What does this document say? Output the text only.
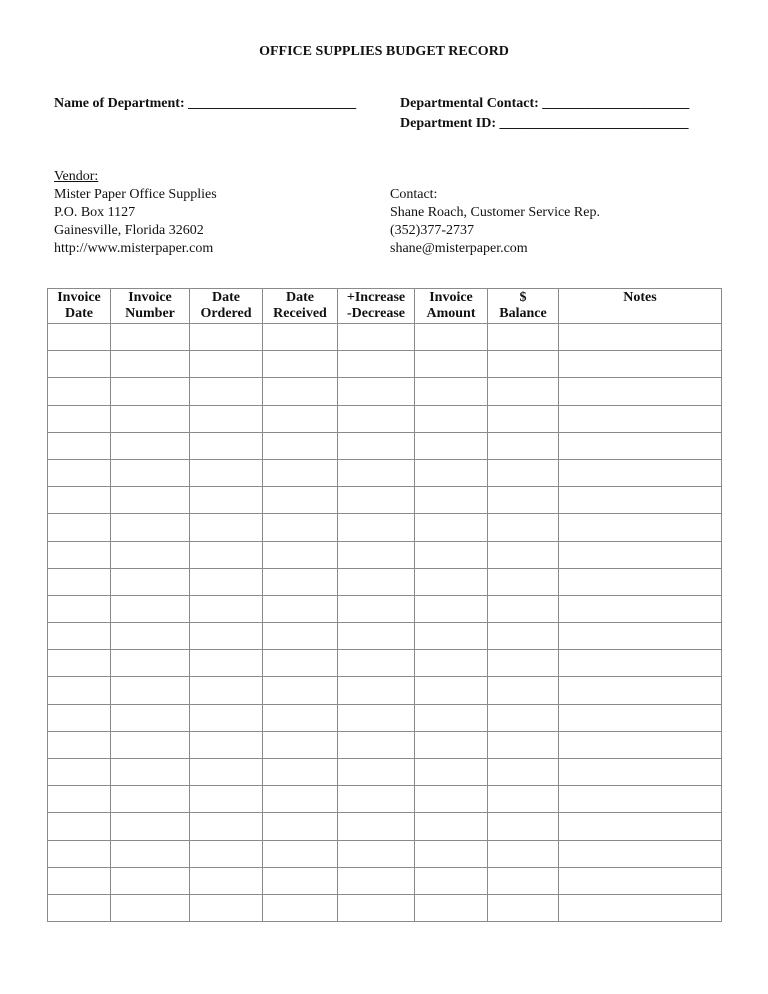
OFFICE SUPPLIES BUDGET RECORD
Name of Department: ________________________	Departmental Contact: _____________________
Department ID: ___________________________
Vendor:
Mister Paper Office Supplies
P.O. Box 1127
Gainesville, Florida 32602
http://www.misterpaper.com
Contact:
Shane Roach, Customer Service Rep.
(352)377-2737
shane@misterpaper.com
Invoice
Date

Invoice
Number

Date
Ordered

Date
Received

+Increase
-Decrease

Invoice
Amount

$
Balance

Notes
